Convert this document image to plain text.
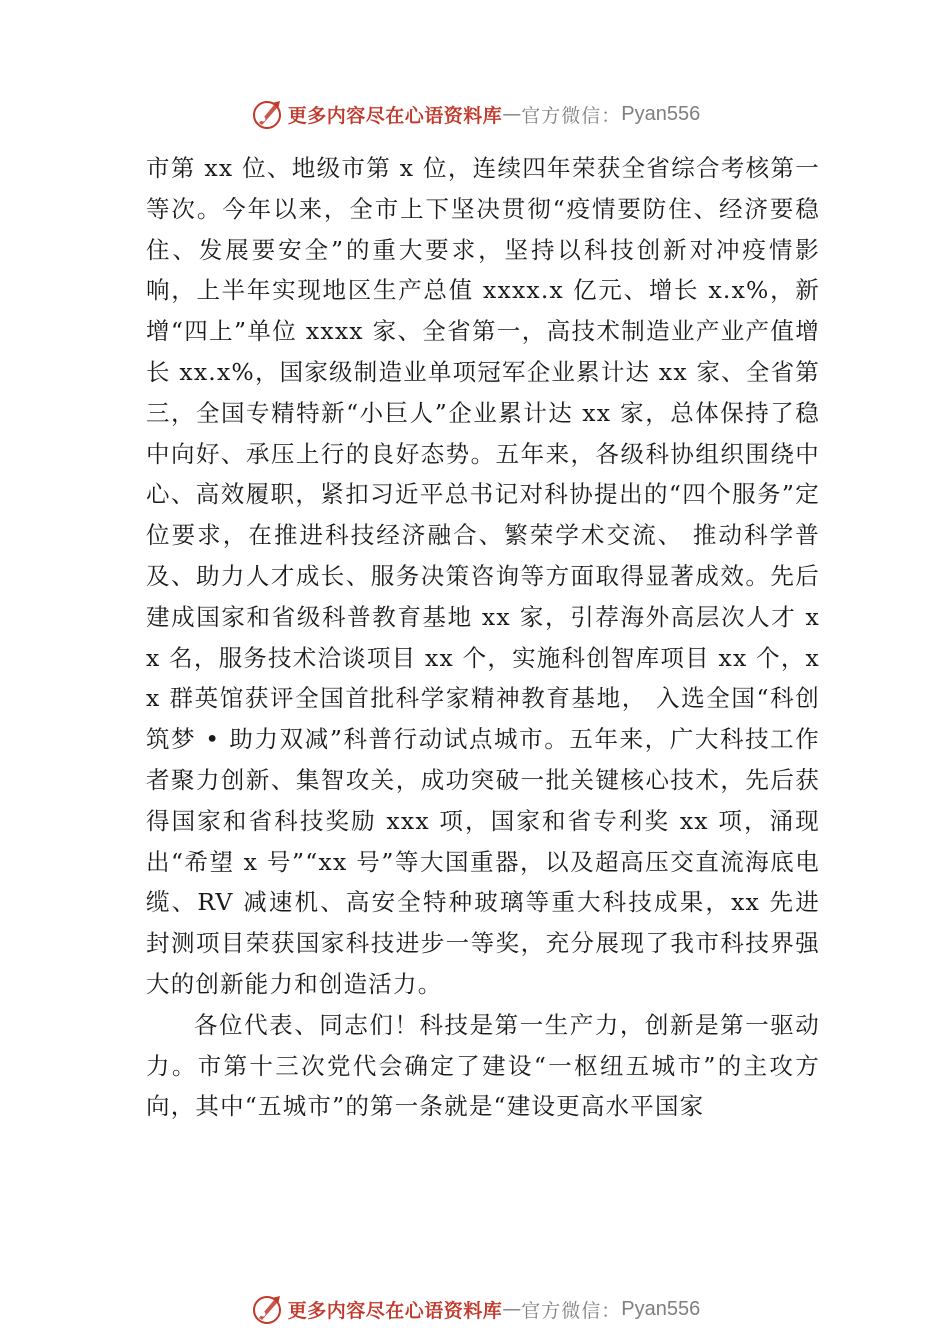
更多内容尽在心语资料库 — 官方微信： Pyan556

市第 xx 位、地级市第 x 位，连续四年荣获全省综合考核第一等次。今年以来，全市上下坚决贯彻“疫情要防住、经济要稳住、发展要安全”的重大要求，坚持以科技创新对冲疫情影响，上半年实现地区生产总值 xxxx.x 亿元、增长 x.x%，新增“四上”单位 xxxx 家、全省第一，高技术制造业产业产值增长 xx.x%，国家级制造业单项冠军企业累计达 xx 家、全省第三，全国专精特新“小巨人”企业累计达 xx 家，总体保持了稳中向好、承压上行的良好态势。五年来，各级科协组织围绕中心、高效履职，紧扣习近平总书记对科协提出的“四个服务”定位要求，在推进科技经济融合、繁荣学术交流、 推动科学普及、助力人才成长、服务决策咨询等方面取得显著成效。先后建成国家和省级科普教育基地 xx 家，引荐海外高层次人才 xx 名，服务技术洽谈项目 xx 个，实施科创智库项目 xx 个，xx 群英馆获评全国首批科学家精神教育基地， 入选全国“科创筑梦 • 助力双减”科普行动试点城市。五年来，广大科技工作者聚力创新、集智攻关，成功突破一批关键核心技术，先后获得国家和省科技奖励 xxx 项，国家和省专利奖 xx 项，涌现出“希望 x 号”“xx 号”等大国重器，以及超高压交直流海底电缆、RV 减速机、高安全特种玻璃等重大科技成果，xx 先进封测项目荣获国家科技进步一等奖，充分展现了我市科技界强大的创新能力和创造活力。

各位代表、同志们！科技是第一生产力，创新是第一驱动力。市第十三次党代会确定了建设“一枢纽五城市”的主攻方向，其中“五城市”的第一条就是“建设更高水平国家

更多内容尽在心语资料库 — 官方微信： Pyan556
